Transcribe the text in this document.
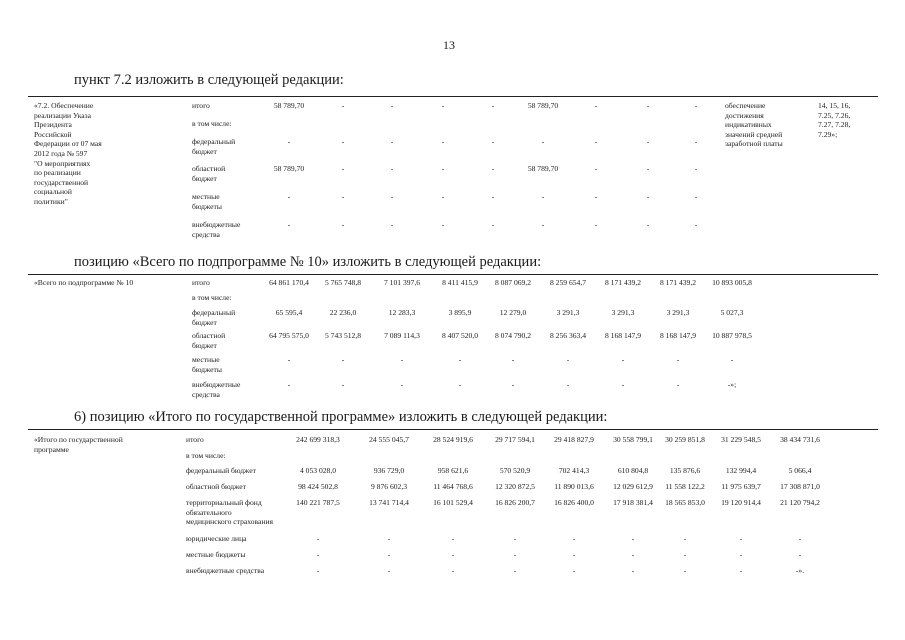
13
пункт 7.2 изложить в следующей редакции:
позицию «Всего по подпрограмме № 10» изложить в следующей редакции:
6) позицию «Итого по государственной программе» изложить в следующей редакции:
«7.2. Обеспечение
реализации Указа
Президента
Российской
Федерации от 07 мая
2012 года № 597
"О мероприятиях
по реализации
государственной
социальной
политики"
обеспечение
достижения
индикативных
значений средней
заработной платы
14, 15, 16,
7.25, 7.26,
7.27, 7.28,
7.29»;
итого	58 789,70	-	-	-	-	58 789,70	-	-	-
в том числе:
федеральный
бюджет
-	-	-	-	-	-	-	-	-
областной
бюджет
58 789,70	-	-	-	-	58 789,70	-	-	-
местные
бюджеты
-	-	-	-	-	-	-	-	-
внебюджетные
средства
-	-	-	-	-	-	-	-	-
«Всего по подпрограмме № 10	итого	64 861 170,4	5 765 748,8	7 101 397,6	8 411 415,9	8 087 069,2	8 259 654,7	8 171 439,2	8 171 439,2	10 893 005,8
в том числе:
федеральный
бюджет
65 595,4	22 236,0	12 283,3	3 895,9	12 279,0	3 291,3	3 291,3	3 291,3	5 027,3
областной
бюджет
64 795 575,0	5 743 512,8	7 089 114,3	8 407 520,0	8 074 790,2	8 256 363,4	8 168 147,9	8 168 147,9	10 887 978,5
местные
бюджеты
-	-	-	-	-	-	-	-	-
внебюджетные
средства
-	-	-	-	-	-	-	-	-»;
«Итого по государственной
программе
итого	242 699 318,3	24 555 045,7	28 524 919,6	29 717 594,1	29 418 827,9	30 558 799,1	30 259 851,8	31 229 548,5	38 434 731,6
в том числе:
федеральный бюджет	4 053 028,0	936 729,0	958 621,6	570 520,9	702 414,3	610 804,8	135 876,6	132 994,4	5 066,4
областной бюджет	98 424 502,8	9 876 602,3	11 464 768,6	12 320 872,5	11 890 013,6	12 029 612,9	11 558 122,2	11 975 639,7	17 308 871,0
территориальный фонд
обязательного
медицинского страхования
140 221 787,5	13 741 714,4	16 101 529,4	16 826 200,7	16 826 400,0	17 918 381,4	18 565 853,0	19 120 914,4	21 120 794,2
юридические лица	-	-	-	-	-	-	-	-	-
местные бюджеты	-	-	-	-	-	-	-	-	-
внебюджетные средства	-	-	-	-	-	-	-	-	-».
